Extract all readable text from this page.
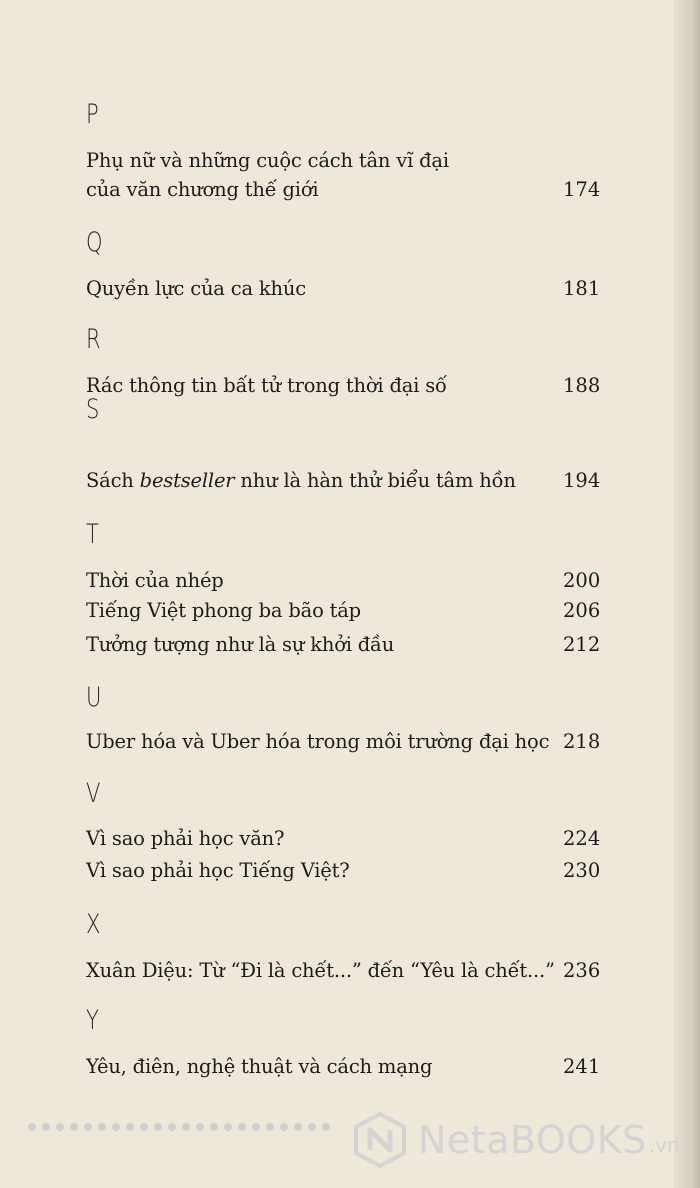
P
Phụ nữ và những cuộc cách tân vĩ đại
của văn chương thế giới	174
Q
Quyền lực của ca khúc	181
R
Rác thông tin bất tử trong thời đại số	188
S
Sách bestseller như là hàn thử biểu tâm hồn 194
T
Thời của nhép	200
Tiếng Việt phong ba bão táp	206
Tưởng tượng như là sự khởi đầu	212
U
Uber hóa và Uber hóa trong môi trường đại học 218
V
Vì sao phải học văn?	224
Vì sao phải học Tiếng Việt?	230
X
Xuân Diệu: Từ “Đi là chết...” đến “Yêu là chết...” 236
Y
Yêu, điên, nghệ thuật và cách mạng	241
NetaBOOKS .vn
